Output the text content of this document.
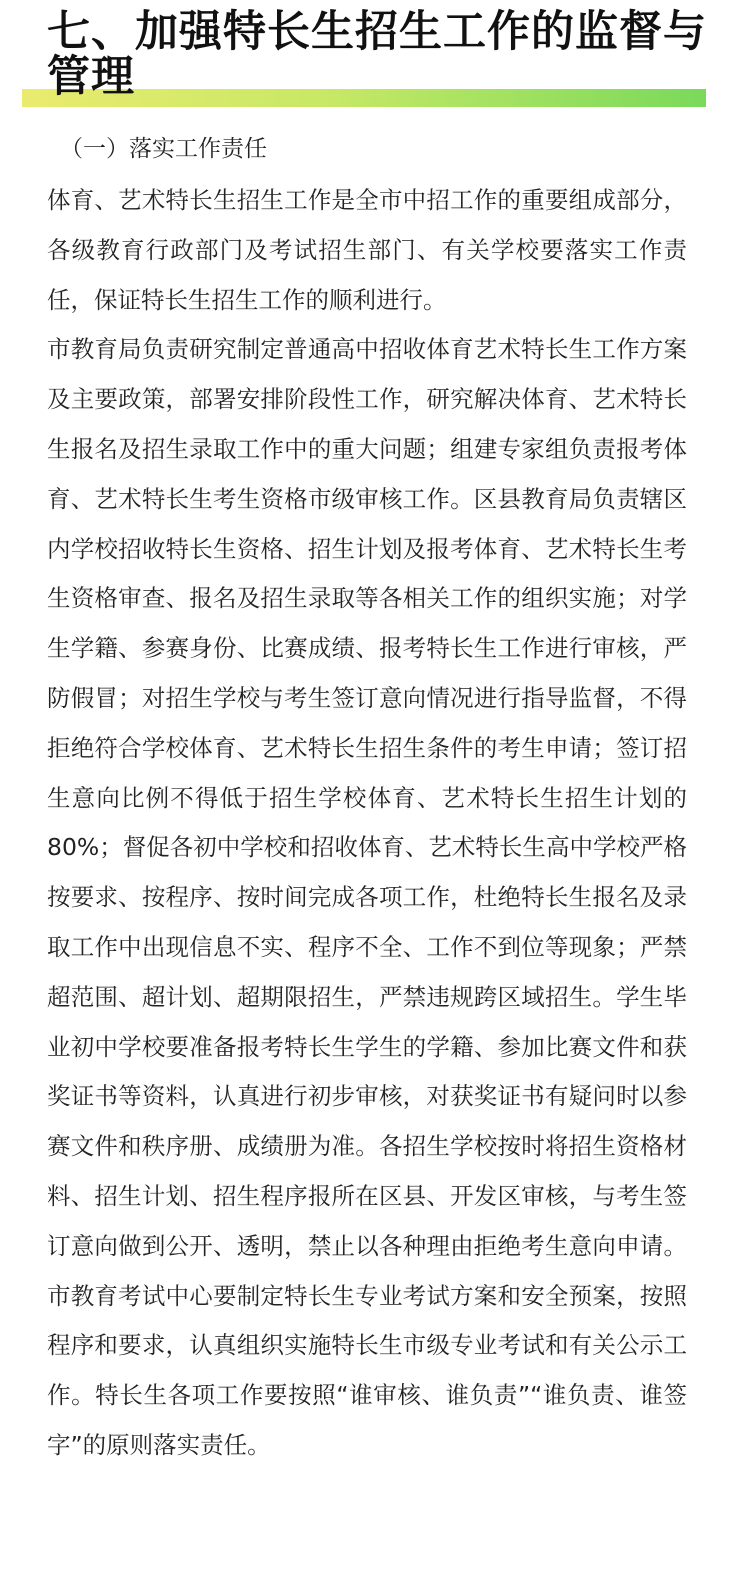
七、加强特长生招生工作的监督与管理

（一）落实工作责任

体育、艺术特长生招生工作是全市中招工作的重要组成部分，各级教育行政部门及考试招生部门、有关学校要落实工作责任，保证特长生招生工作的顺利进行。

市教育局负责研究制定普通高中招收体育艺术特长生工作方案及主要政策，部署安排阶段性工作，研究解决体育、艺术特长生报名及招生录取工作中的重大问题；组建专家组负责报考体育、艺术特长生考生资格市级审核工作。区县教育局负责辖区内学校招收特长生资格、招生计划及报考体育、艺术特长生考生资格审查、报名及招生录取等各相关工作的组织实施；对学生学籍、参赛身份、比赛成绩、报考特长生工作进行审核，严防假冒；对招生学校与考生签订意向情况进行指导监督，不得拒绝符合学校体育、艺术特长生招生条件的考生申请；签订招生意向比例不得低于招生学校体育、艺术特长生招生计划的80%；督促各初中学校和招收体育、艺术特长生高中学校严格按要求、按程序、按时间完成各项工作，杜绝特长生报名及录取工作中出现信息不实、程序不全、工作不到位等现象；严禁超范围、超计划、超期限招生，严禁违规跨区域招生。学生毕业初中学校要准备报考特长生学生的学籍、参加比赛文件和获奖证书等资料，认真进行初步审核，对获奖证书有疑问时以参赛文件和秩序册、成绩册为准。各招生学校按时将招生资格材料、招生计划、招生程序报所在区县、开发区审核，与考生签订意向做到公开、透明，禁止以各种理由拒绝考生意向申请。市教育考试中心要制定特长生专业考试方案和安全预案，按照程序和要求，认真组织实施特长生市级专业考试和有关公示工作。特长生各项工作要按照“谁审核、谁负责”“谁负责、谁签字”的原则落实责任。
